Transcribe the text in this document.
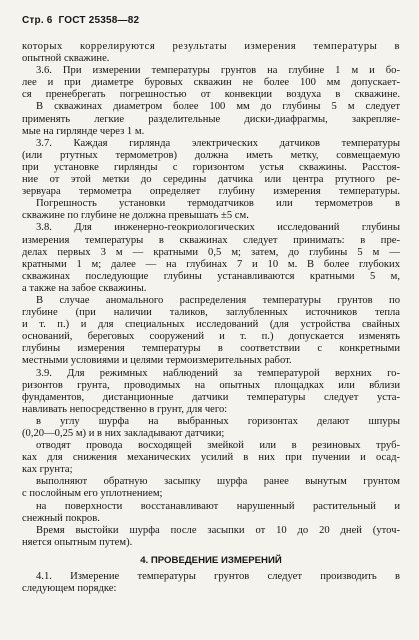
Стр. 6 ГОСТ 25358—82
которых коррелируются результаты измерения температуры в
опытной скважине.
3.6. При измерении температуры грунтов на глубине 1 м и бо-
лее и при диаметре буровых скважин не более 100 мм допускает-
ся пренебрегать погрешностью от конвекции воздуха в скважине.
В скважинах диаметром более 100 мм до глубины 5 м следует
применять легкие разделительные диски-диафрагмы, закрепляе-
мые на гирлянде через 1 м.
3.7. Каждая гирлянда электрических датчиков температуры
(или ртутных термометров) должна иметь метку, совмещаемую
при установке гирлянды с горизонтом устья скважины. Расстоя-
ние от этой метки до середины датчика или центра ртутного ре-
зервуара термометра определяет глубину измерения температуры.
Погрешность установки термодатчиков или термометров в
скважине по глубине не должна превышать ±5 см.
3.8. Для инженерно-геокриологических исследований глубины
измерения температуры в скважинах следует принимать: в пре-
делах первых 3 м — кратными 0,5 м; затем, до глубины 5 м —
кратными 1 м; далее — на глубинах 7 и 10 м. В более глубоких
скважинах последующие глубины устанавливаются кратными 5 м,
а также на забое скважины.
В случае аномального распределения температуры грунтов по
глубине (при наличии таликов, заглубленных источников тепла
и т. п.) и для специальных исследований (для устройства свайных
оснований, береговых сооружений и т. п.) допускается изменять
глубины измерения температуры в соответствии с конкретными
местными условиями и целями термоизмерительных работ.
3.9. Для режимных наблюдений за температурой верхних го-
ризонтов грунта, проводимых на опытных площадках или вблизи
фундаментов, дистанционные датчики температуры следует уста-
навливать непосредственно в грунт, для чего:
в углу шурфа на выбранных горизонтах делают шпуры
(0,20—0,25 м) и в них закладывают датчики;
отводят провода восходящей змейкой или в резиновых труб-
ках для снижения механических усилий в них при пучении и осад-
ках грунта;
выполняют обратную засыпку шурфа ранее вынутым грунтом
с послойным его уплотнением;
на поверхности восстанавливают нарушенный растительный и
снежный покров.
Время выстойки шурфа после засыпки от 10 до 20 дней (уточ-
няется опытным путем).
4. ПРОВЕДЕНИЕ ИЗМЕРЕНИЙ
4.1. Измерение температуры грунтов следует производить в
следующем порядке:
